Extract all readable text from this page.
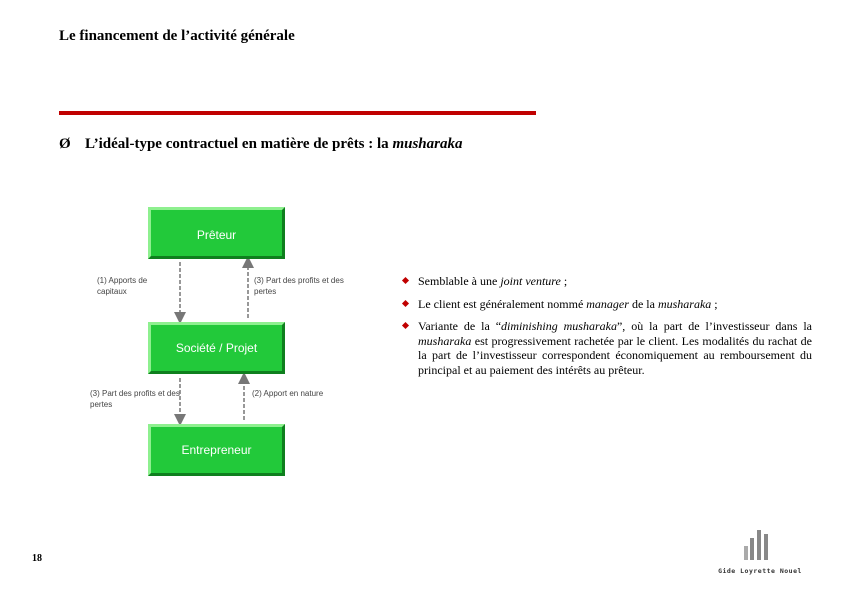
Le financement de l’activité générale
Ø L’idéal-type contractuel en matière de prêts : la musharaka
Prêteur
Société / Projet
Entrepreneur
(1) Apports de capitaux
(3) Part des profits et des pertes
(3) Part des profits et des pertes
(2) Apport en nature
Semblable à une joint venture ;
Le client est généralement nommé manager de la musharaka ;
Variante de la “diminishing musharaka”, où la part de l’investisseur dans la musharaka est progressivement rachetée par le client. Les modalités du rachat de la part de l’investisseur correspondent économiquement au remboursement du principal et au paiement des intérêts au prêteur.
18
Gide Loyrette Nouel
